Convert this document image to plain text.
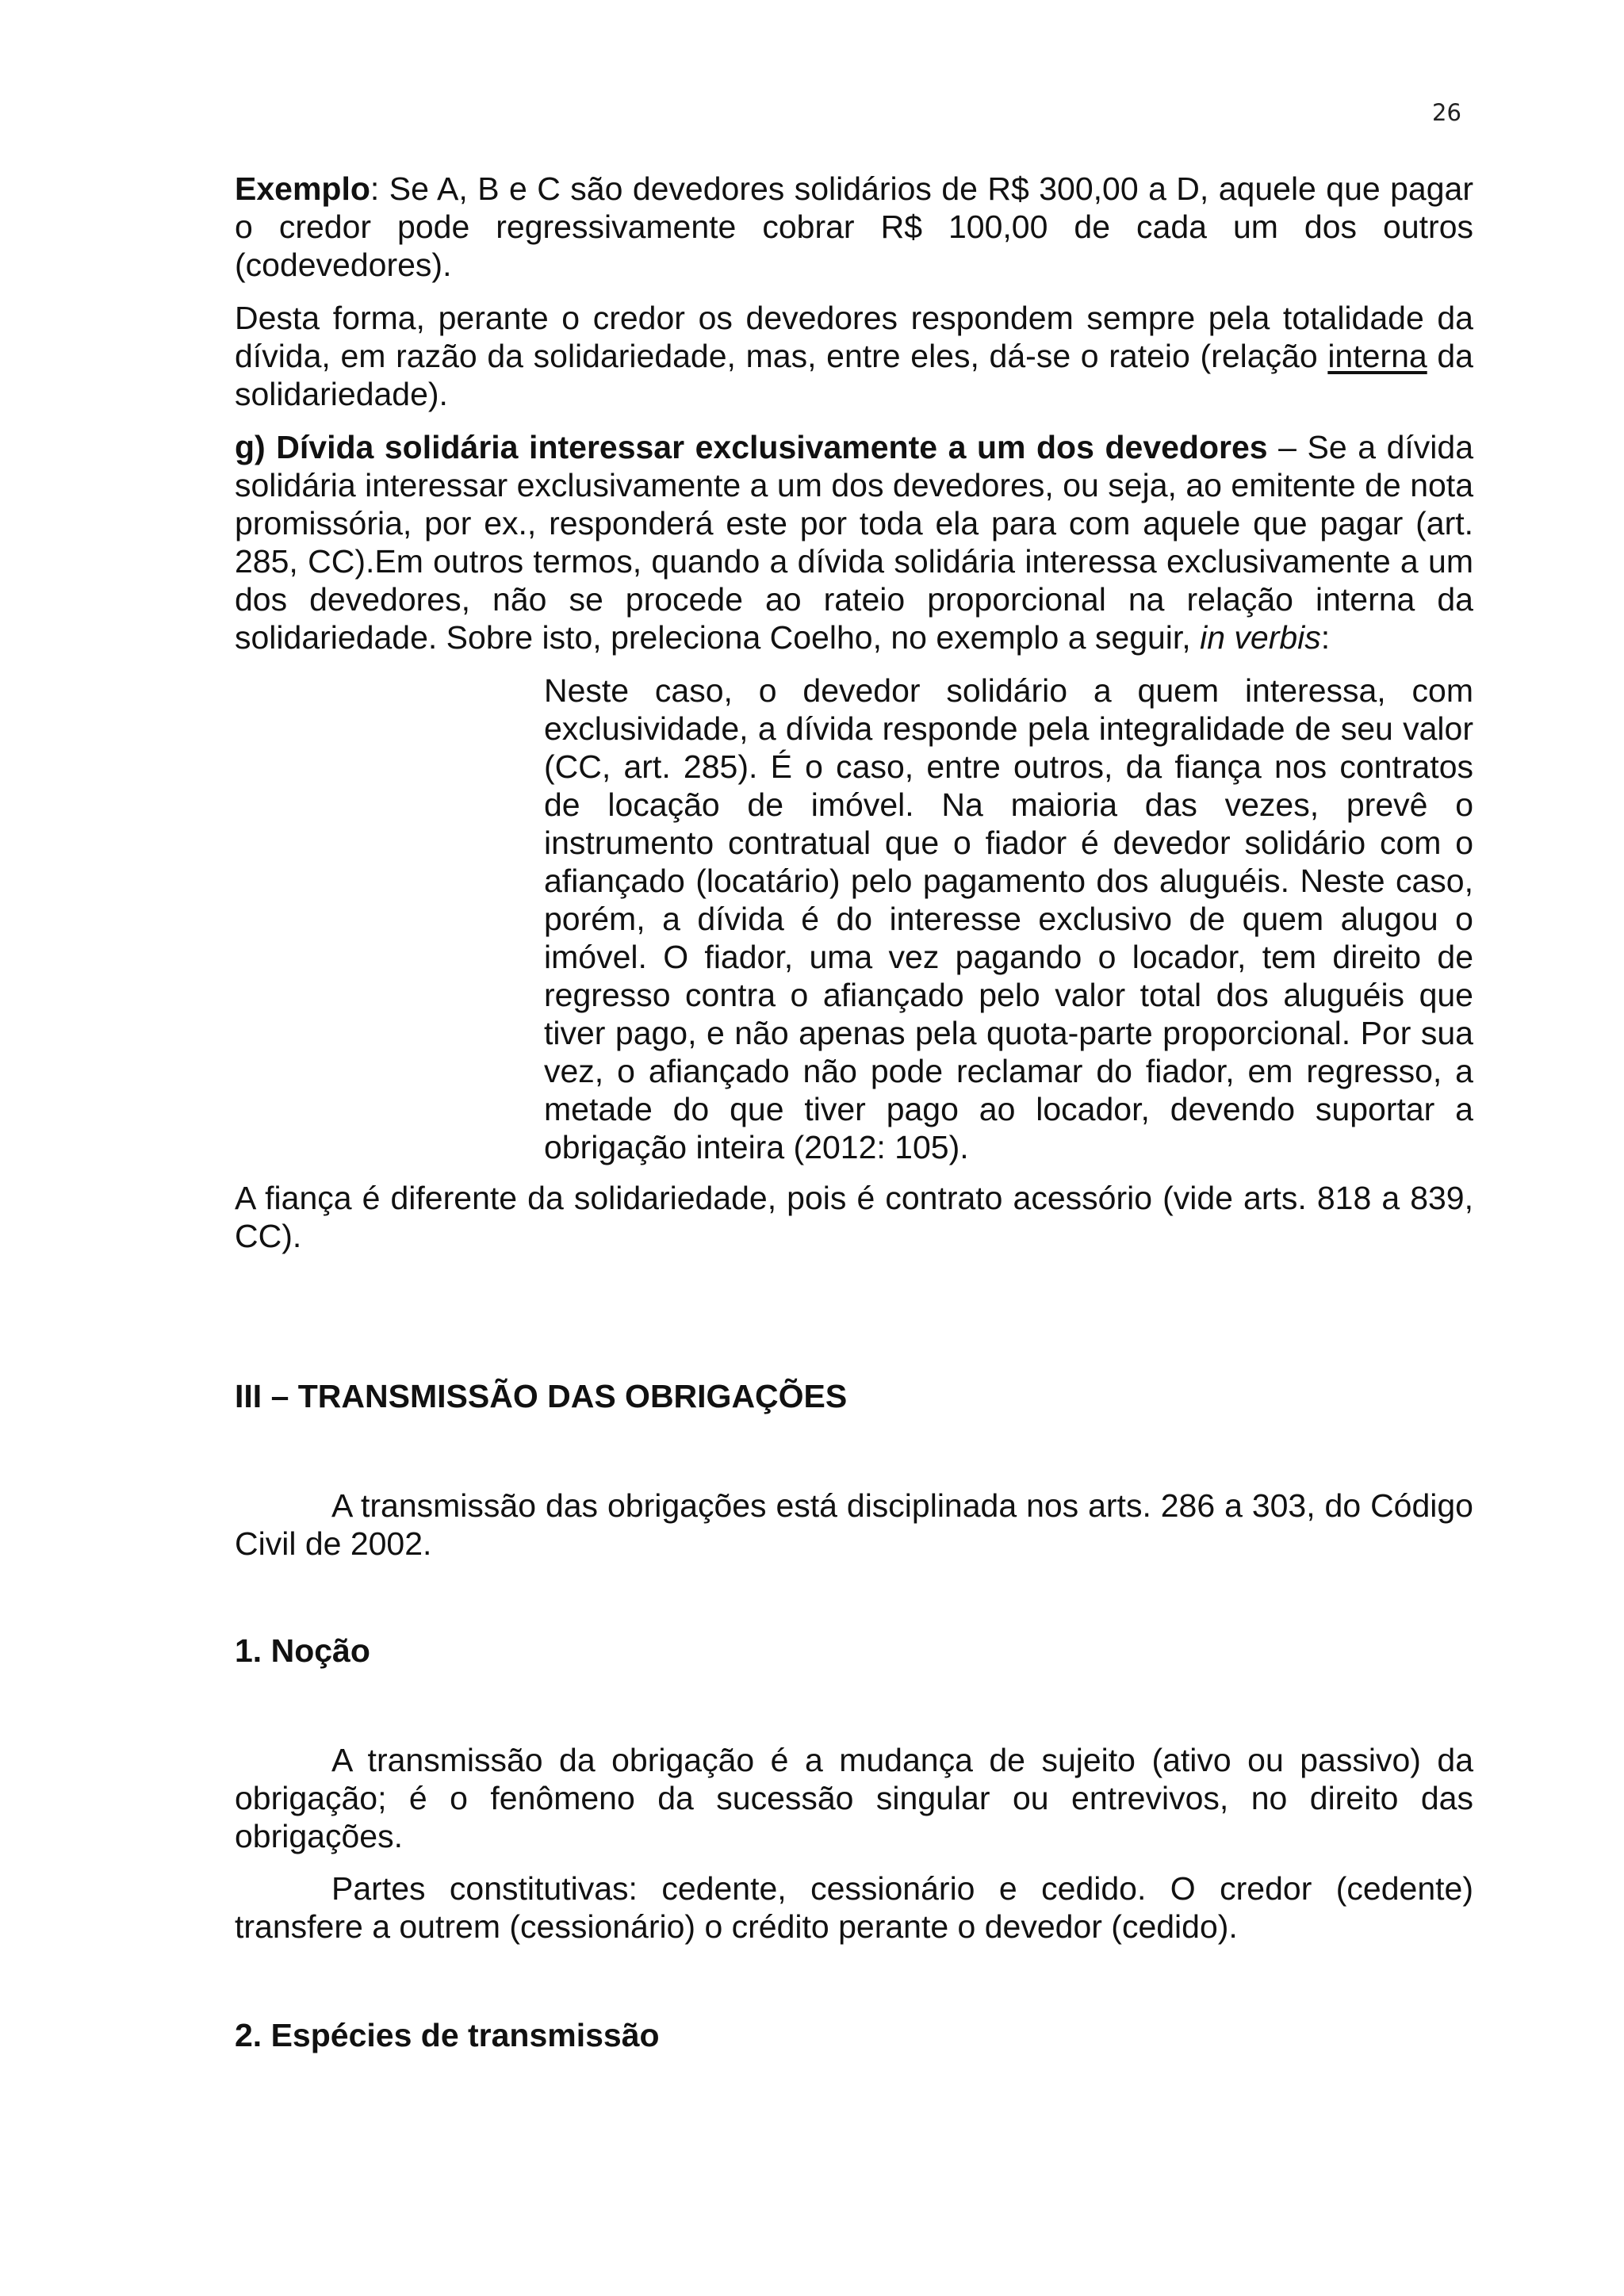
26

Exemplo: Se A, B e C são devedores solidários de R$ 300,00 a D, aquele que pagar o credor pode regressivamente cobrar R$ 100,00 de cada um dos outros (codevedores).

Desta forma, perante o credor os devedores respondem sempre pela totalidade da dívida, em razão da solidariedade, mas, entre eles, dá-se o rateio (relação interna da solidariedade).

g) Dívida solidária interessar exclusivamente a um dos devedores – Se a dívida solidária interessar exclusivamente a um dos devedores, ou seja, ao emitente de nota promissória, por ex., responderá este por toda ela para com aquele que pagar (art. 285, CC).Em outros termos, quando a dívida solidária interessa exclusivamente a um dos devedores, não se procede ao rateio proporcional na relação interna da solidariedade. Sobre isto, preleciona Coelho, no exemplo a seguir, in verbis:

Neste caso, o devedor solidário a quem interessa, com exclusividade, a dívida responde pela integralidade de seu valor (CC, art. 285). É o caso, entre outros, da fiança nos contratos de locação de imóvel. Na maioria das vezes, prevê o instrumento contratual que o fiador é devedor solidário com o afiançado (locatário) pelo pagamento dos aluguéis. Neste caso, porém, a dívida é do interesse exclusivo de quem alugou o imóvel. O fiador, uma vez pagando o locador, tem direito de regresso contra o afiançado pelo valor total dos aluguéis que tiver pago, e não apenas pela quota-parte proporcional. Por sua vez, o afiançado não pode reclamar do fiador, em regresso, a metade do que tiver pago ao locador, devendo suportar a obrigação inteira (2012: 105).

A fiança é diferente da solidariedade, pois é contrato acessório (vide arts. 818 a 839, CC).

III – TRANSMISSÃO DAS OBRIGAÇÕES

A transmissão das obrigações está disciplinada nos arts. 286 a 303, do Código Civil de 2002.

1. Noção

A transmissão da obrigação é a mudança de sujeito (ativo ou passivo) da obrigação; é o fenômeno da sucessão singular ou entrevivos, no direito das obrigações.

Partes constitutivas: cedente, cessionário e cedido. O credor (cedente) transfere a outrem (cessionário) o crédito perante o devedor (cedido).

2. Espécies de transmissão
